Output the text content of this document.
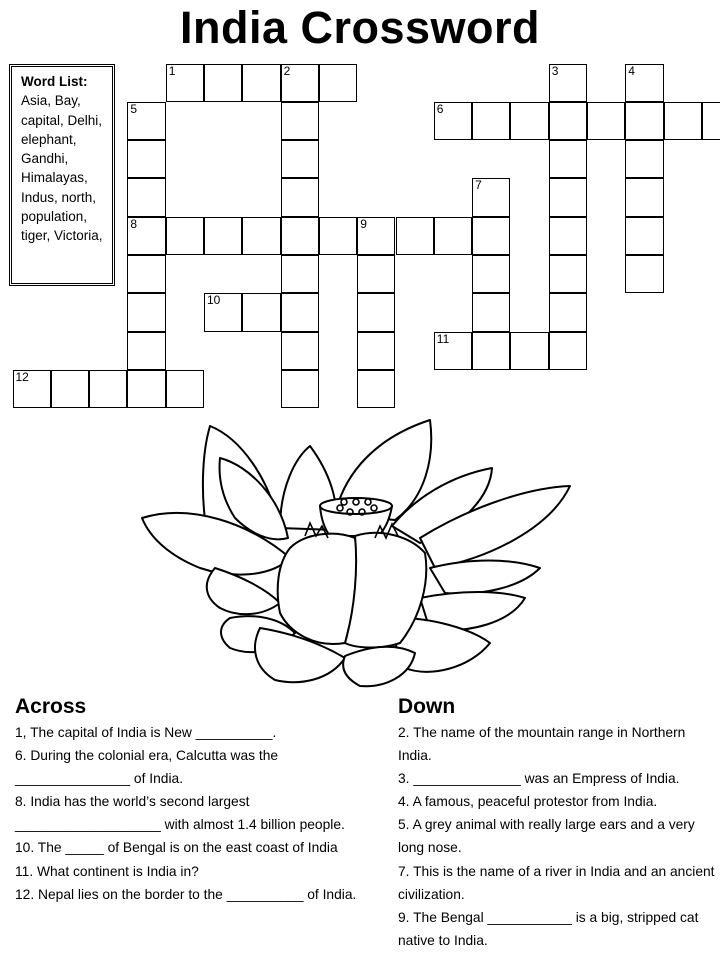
India Crossword
Word List:
Asia, Bay, capital, Delhi, elephant, Gandhi, Himalayas, Indus, north, population, tiger, Victoria,
1	2	3	4
5
8
6
7
9
10
11
12
Across

1, The capital of India is New __________.

6. During the colonial era, Calcutta was the _______________ of India.

8. India has the world’s second largest ___________________ with almost 1.4 billion people.

10. The _____ of Bengal is on the east coast of India

11. What continent is India in?

12. Nepal lies on the border to the __________ of India.

Down

2. The name of the mountain range in Northern India.

3. ______________ was an Empress of India.

4. A famous, peaceful protestor from India.

5. A grey animal with really large ears and a very long nose.

7. This is the name of a river in India and an ancient civilization.

9. The Bengal ___________ is a big, stripped cat native to India.
